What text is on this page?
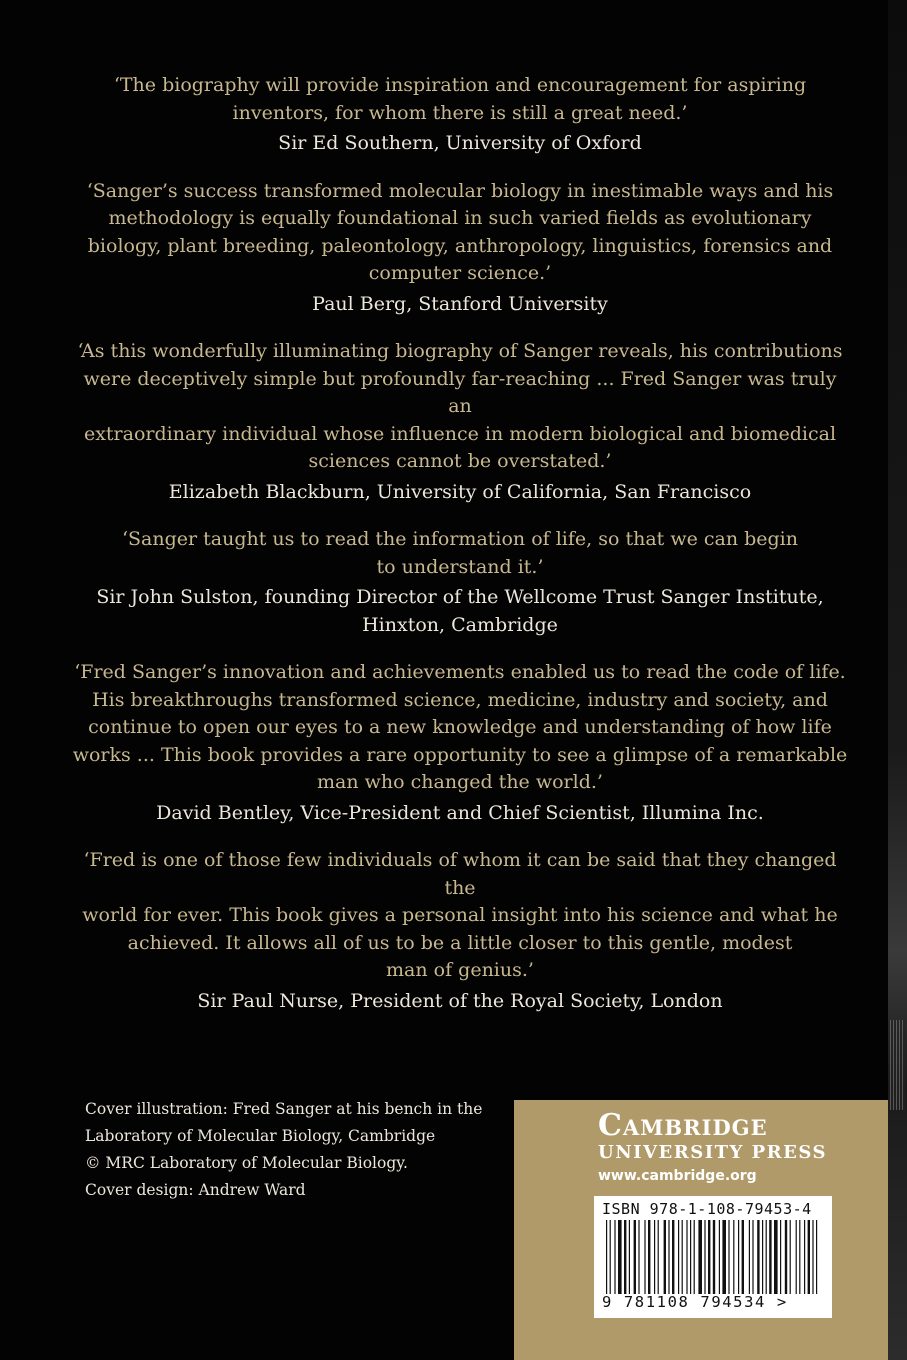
‘The biography will provide inspiration and encouragement for aspiring
inventors, for whom there is still a great need.’
Sir Ed Southern, University of Oxford
‘Sanger’s success transformed molecular biology in inestimable ways and his
methodology is equally foundational in such varied fields as evolutionary
biology, plant breeding, paleontology, anthropology, linguistics, forensics and
computer science.’
Paul Berg, Stanford University
‘As this wonderfully illuminating biography of Sanger reveals, his contributions
were deceptively simple but profoundly far-reaching ... Fred Sanger was truly an
extraordinary individual whose influence in modern biological and biomedical
sciences cannot be overstated.’
Elizabeth Blackburn, University of California, San Francisco
‘Sanger taught us to read the information of life, so that we can begin
to understand it.’
Sir John Sulston, founding Director of the Wellcome Trust Sanger Institute,
Hinxton, Cambridge
‘Fred Sanger’s innovation and achievements enabled us to read the code of life.
His breakthroughs transformed science, medicine, industry and society, and
continue to open our eyes to a new knowledge and understanding of how life
works ... This book provides a rare opportunity to see a glimpse of a remarkable
man who changed the world.’
David Bentley, Vice-President and Chief Scientist, Illumina Inc.
‘Fred is one of those few individuals of whom it can be said that they changed the
world for ever. This book gives a personal insight into his science and what he
achieved. It allows all of us to be a little closer to this gentle, modest
man of genius.’
Sir Paul Nurse, President of the Royal Society, London
Cover illustration: Fred Sanger at his bench in the
Laboratory of Molecular Biology, Cambridge
© MRC Laboratory of Molecular Biology.
Cover design: Andrew Ward
Cambridge
UNIVERSITY PRESS
www.cambridge.org
ISBN 978-1-108-79453-4
9 781108 794534 >
